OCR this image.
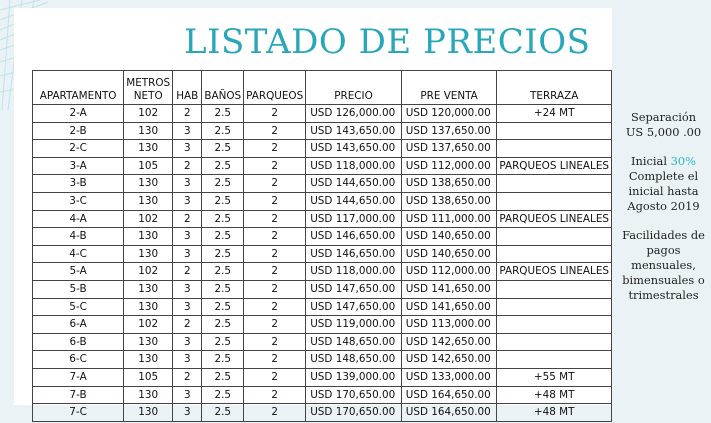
LISTADO DE PRECIOS
APARTAMENTO	METROS NETO	HAB	BAÑOS	PARQUEOS	PRECIO	PRE VENTA	TERRAZA
2-A	102	2	2.5	2	USD 126,000.00	USD 120,000.00	+24 MT
2-B	130	3	2.5	2	USD 143,650.00	USD 137,650.00	
2-C	130	3	2.5	2	USD 143,650.00	USD 137,650.00	
3-A	105	2	2.5	2	USD 118,000.00	USD 112,000.00	PARQUEOS LINEALES
3-B	130	3	2.5	2	USD 144,650.00	USD 138,650.00	
3-C	130	3	2.5	2	USD 144,650.00	USD 138,650.00	
4-A	102	2	2.5	2	USD 117,000.00	USD 111,000.00	PARQUEOS LINEALES
4-B	130	3	2.5	2	USD 146,650.00	USD 140,650.00	
4-C	130	3	2.5	2	USD 146,650.00	USD 140,650.00	
5-A	102	2	2.5	2	USD 118,000.00	USD 112,000.00	PARQUEOS LINEALES
5-B	130	3	2.5	2	USD 147,650.00	USD 141,650.00	
5-C	130	3	2.5	2	USD 147,650.00	USD 141,650.00	
6-A	102	2	2.5	2	USD 119,000.00	USD 113,000.00	
6-B	130	3	2.5	2	USD 148,650.00	USD 142,650.00	
6-C	130	3	2.5	2	USD 148,650.00	USD 142,650.00	
7-A	105	2	2.5	2	USD 139,000.00	USD 133,000.00	+55 MT
7-B	130	3	2.5	2	USD 170,650.00	USD 164,650.00	+48 MT
7-C	130	3	2.5	2	USD 170,650.00	USD 164,650.00	+48 MT

Separación
US 5,000 .00

Inicial 30%
Complete el inicial hasta Agosto 2019

Facilidades de pagos mensuales, bimensuales o trimestrales
